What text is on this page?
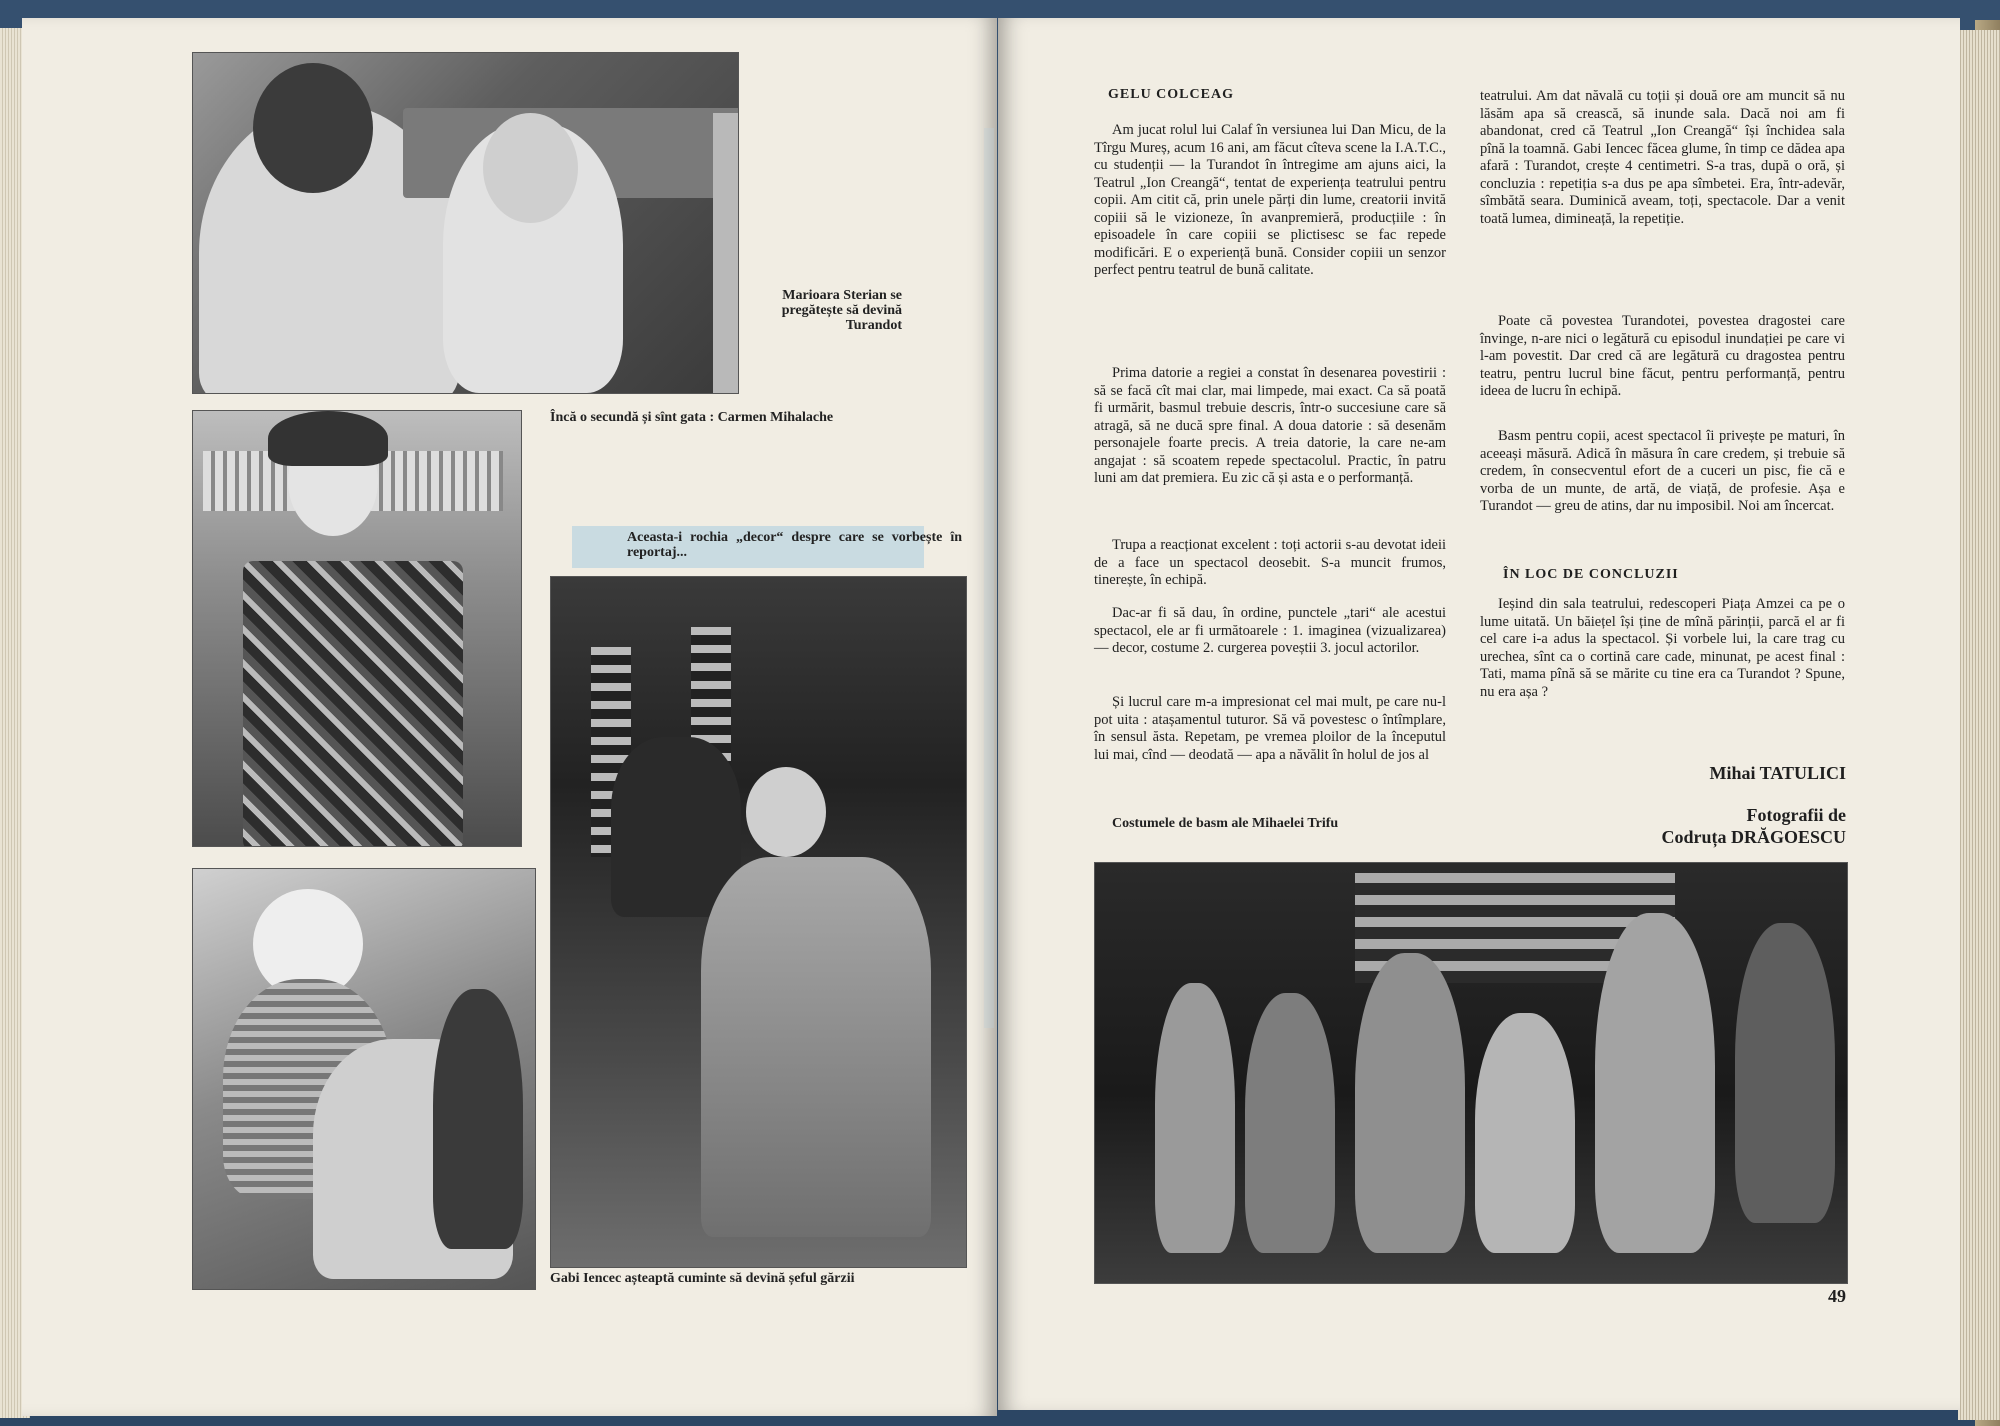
Marioara Sterian se pregătește să devină Turandot
Încă o secundă și sînt gata : Carmen Mihalache
Aceasta-i rochia „decor“ despre care se vorbește în reportaj...
Gabi Iencec așteaptă cuminte să devină șeful gărzii
GELU COLCEAG

Am jucat rolul lui Calaf în versiunea lui Dan Micu, de la Tîrgu Mureș, acum 16 ani, am făcut cîteva scene la I.A.T.C., cu studenții — la Turandot în întregime am ajuns aici, la Teatrul „Ion Creangă“, tentat de experiența teatrului pentru copii. Am citit că, prin unele părți din lume, creatorii invită copiii să le vizioneze, în avanpremieră, producțiile : în episoadele în care copiii se plictisesc se fac repede modificări. E o experiență bună. Consider copiii un senzor perfect pentru teatrul de bună calitate.

Prima datorie a regiei a constat în desenarea povestirii : să se facă cît mai clar, mai limpede, mai exact. Ca să poată fi urmărit, basmul trebuie descris, într-o succesiune care să atragă, să ne ducă spre final. A doua datorie : să desenăm personajele foarte precis. A treia datorie, la care ne-am angajat : să scoatem repede spectacolul. Practic, în patru luni am dat premiera. Eu zic că și asta e o performanță.

Trupa a reacționat excelent : toți actorii s-au devotat ideii de a face un spectacol deosebit. S-a muncit frumos, tinerește, în echipă.

Dac-ar fi să dau, în ordine, punctele „tari“ ale acestui spectacol, ele ar fi următoarele : 1. imaginea (vizualizarea) — decor, costume 2. curgerea poveștii 3. jocul actorilor.

Și lucrul care m-a impresionat cel mai mult, pe care nu-l pot uita : atașamentul tuturor. Să vă povestesc o întîmplare, în sensul ăsta. Repetam, pe vremea ploilor de la începutul lui mai, cînd — deodată — apa a năvălit în holul de jos al

Costumele de basm ale Mihaelei Trifu

teatrului. Am dat năvală cu toții și două ore am muncit să nu lăsăm apa să crească, să inunde sala. Dacă noi am fi abandonat, cred că Teatrul „Ion Creangă“ își închidea sala pînă la toamnă. Gabi Iencec făcea glume, în timp ce dădea apa afară : Turandot, crește 4 centimetri. S-a tras, după o oră, și concluzia : repetiția s-a dus pe apa sîmbetei. Era, într-adevăr, sîmbătă seara. Duminică aveam, toți, spectacole. Dar a venit toată lumea, dimineață, la repetiție.

Poate că povestea Turandotei, povestea dragostei care învinge, n-are nici o legătură cu episodul inundației pe care vi l-am povestit. Dar cred că are legătură cu dragostea pentru teatru, pentru lucrul bine făcut, pentru performanță, pentru ideea de lucru în echipă.

Basm pentru copii, acest spectacol îi privește pe maturi, în aceeași măsură. Adică în măsura în care credem, și trebuie să credem, în consecventul efort de a cuceri un pisc, fie că e vorba de un munte, de artă, de viață, de profesie. Așa e Turandot — greu de atins, dar nu imposibil. Noi am încercat.

ÎN LOC DE CONCLUZII

Ieșind din sala teatrului, redescoperi Piața Amzei ca pe o lume uitată. Un băiețel își ține de mînă părinții, parcă el ar fi cel care i-a adus la spectacol. Și vorbele lui, la care trag cu urechea, sînt ca o cortină care cade, minunat, pe acest final : Tati, mama pînă să se mărite cu tine era ca Turandot ? Spune, nu era așa ?

Mihai TATULICI
Fotografii de
Codruța DRĂGOESCU
49
